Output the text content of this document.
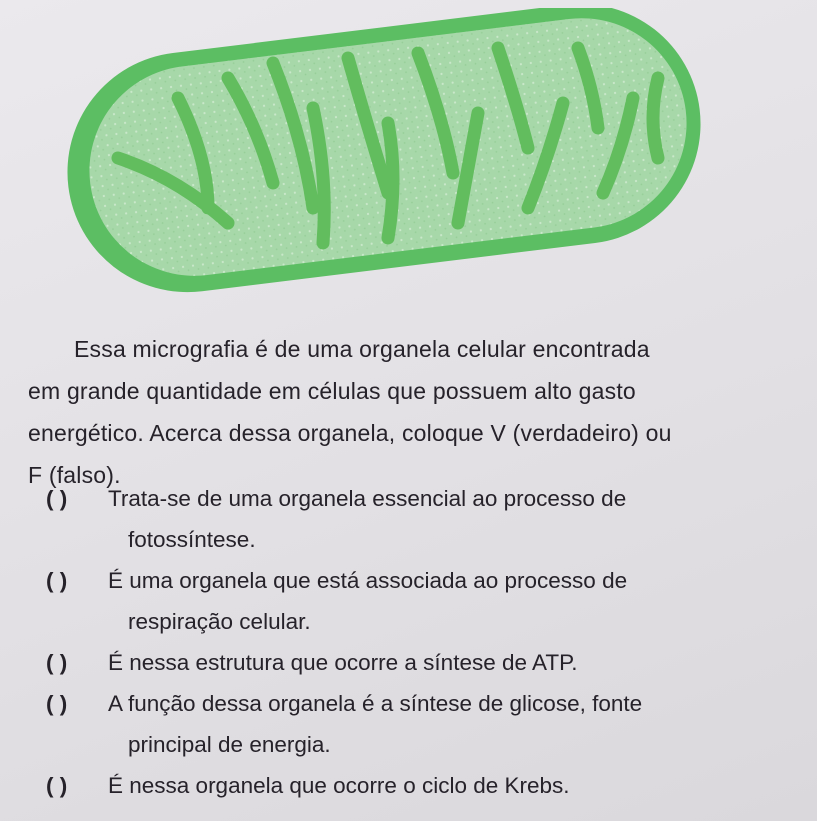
Essa micrografia é de uma organela celular encontrada
em grande quantidade em células que possuem alto gasto
energético. Acerca dessa organela, coloque V (verdadeiro) ou
F (falso).

( ) Trata-se de uma organela essencial ao processo de
fotossíntese.

( ) É uma organela que está associada ao processo de
respiração celular.

( ) É nessa estrutura que ocorre a síntese de ATP.

( ) A função dessa organela é a síntese de glicose, fonte
principal de energia.

( ) É nessa organela que ocorre o ciclo de Krebs.
